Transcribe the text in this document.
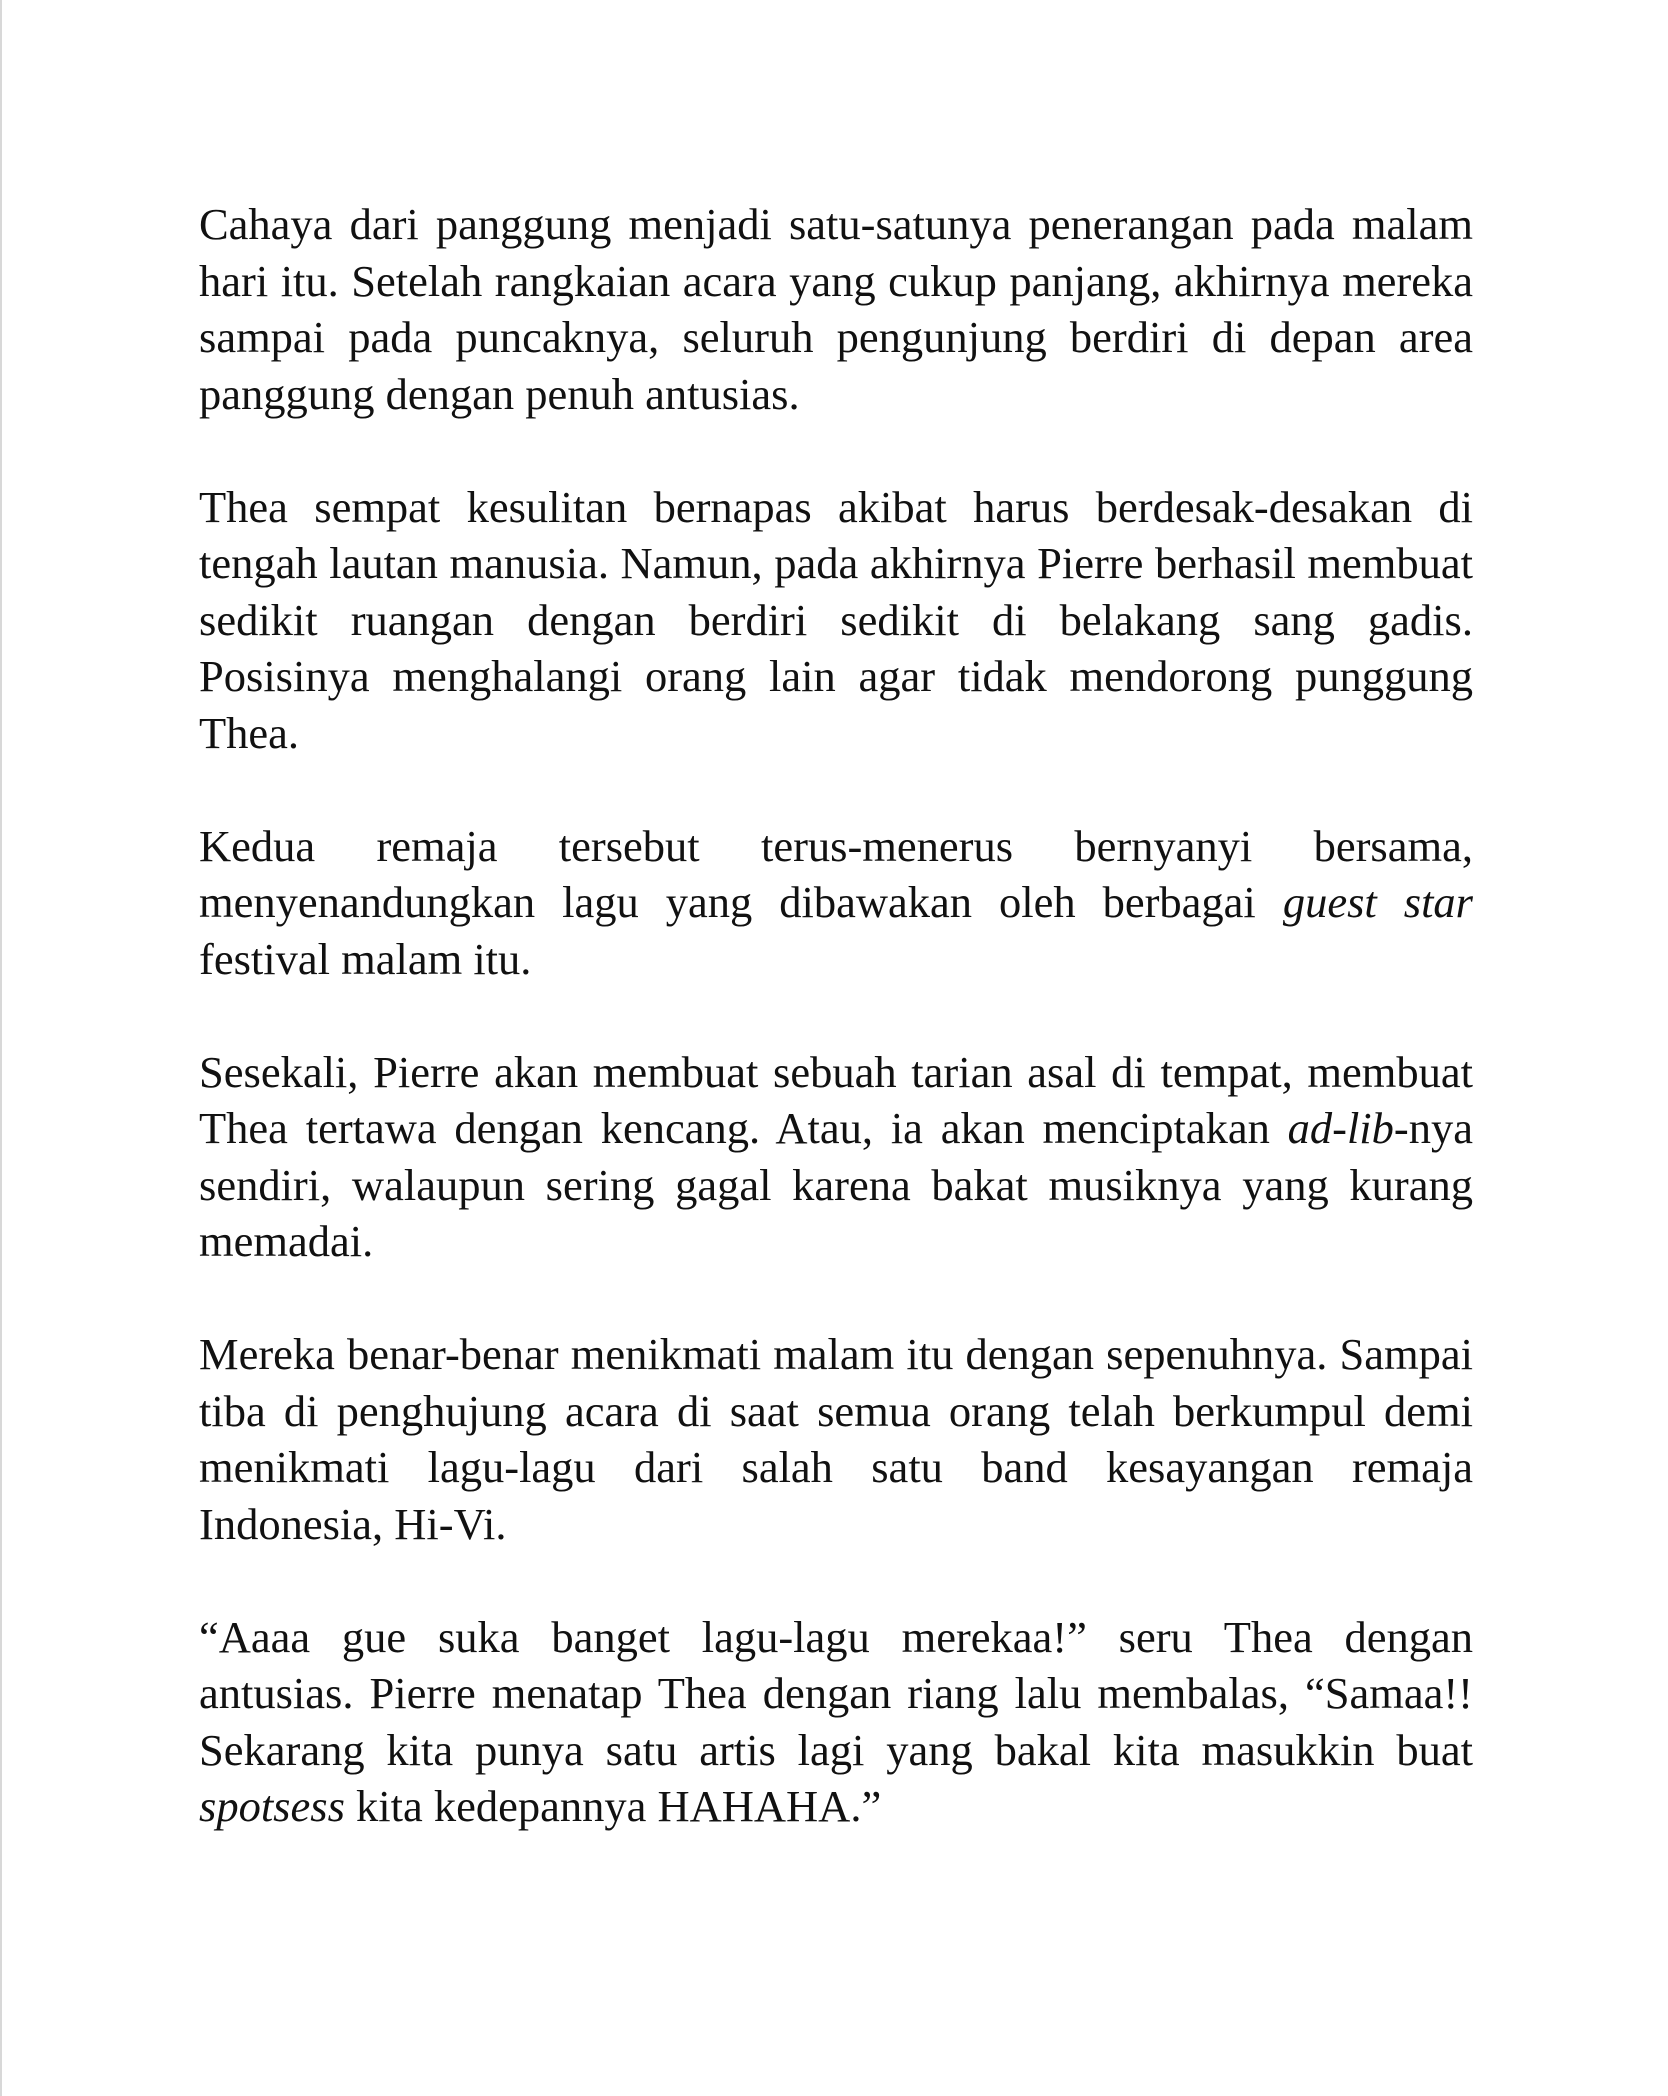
Cahaya dari panggung menjadi satu-satunya penerangan pada malam hari itu. Setelah rangkaian acara yang cukup panjang, akhirnya mereka sampai pada puncaknya, seluruh pengunjung berdiri di depan area panggung dengan penuh antusias.

Thea sempat kesulitan bernapas akibat harus berdesak-desakan di tengah lautan manusia. Namun, pada akhirnya Pierre berhasil membuat sedikit ruangan dengan berdiri sedikit di belakang sang gadis. Posisinya menghalangi orang lain agar tidak mendorong punggung Thea.

Kedua remaja tersebut terus-menerus bernyanyi bersama, menyenandungkan lagu yang dibawakan oleh berbagai guest star festival malam itu.

Sesekali, Pierre akan membuat sebuah tarian asal di tempat, membuat Thea tertawa dengan kencang. Atau, ia akan menciptakan ad-lib-nya sendiri, walaupun sering gagal karena bakat musiknya yang kurang memadai.

Mereka benar-benar menikmati malam itu dengan sepenuhnya. Sampai tiba di penghujung acara di saat semua orang telah berkumpul demi menikmati lagu-lagu dari salah satu band kesayangan remaja Indonesia, Hi-Vi.

“Aaaa gue suka banget lagu-lagu merekaa!” seru Thea dengan antusias. Pierre menatap Thea dengan riang lalu membalas, “Samaa!! Sekarang kita punya satu artis lagi yang bakal kita masukkin buat spotsess kita kedepannya HAHAHA.”
